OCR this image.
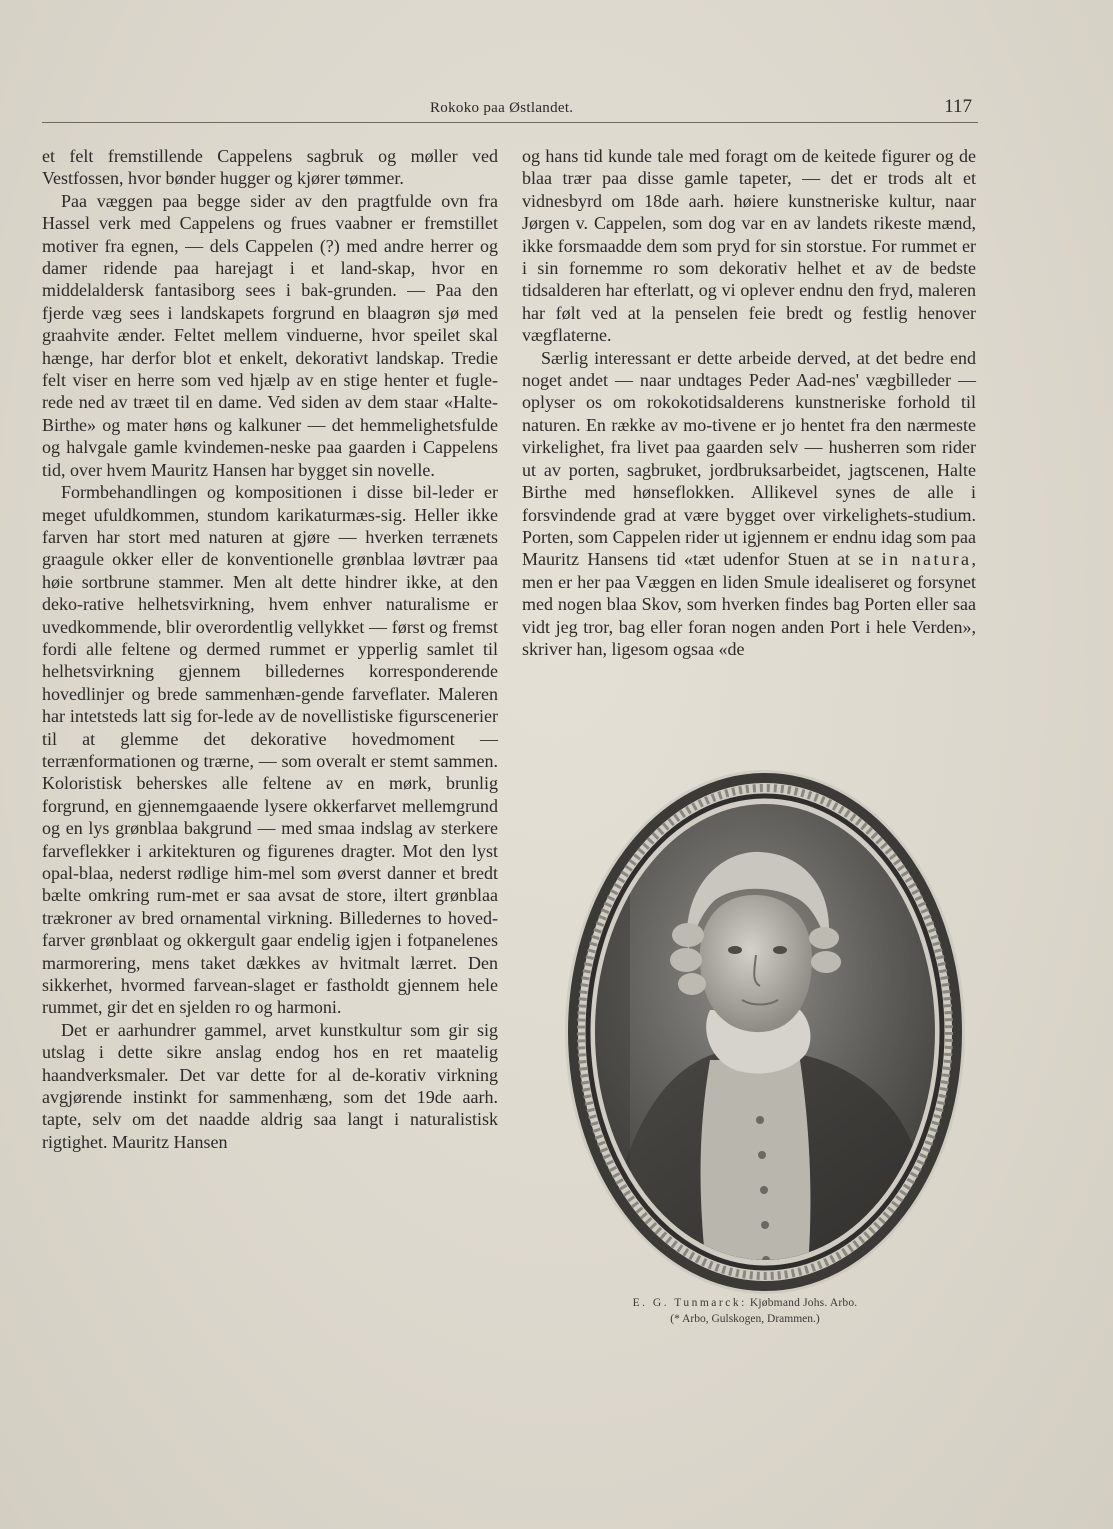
Rokoko paa Østlandet.	117

et felt fremstillende Cappelens sagbruk og møller ved Vestfossen, hvor bønder hugger og kjører tømmer.

Paa væggen paa begge sider av den pragtfulde ovn fra Hassel verk med Cappelens og frues vaabner er fremstillet motiver fra egnen, — dels Cappelen (?) med andre herrer og damer ridende paa harejagt i et land-skap, hvor en middelaldersk fantasiborg sees i bak-grunden. — Paa den fjerde væg sees i landskapets forgrund en blaagrøn sjø med graahvite ænder. Feltet mellem vinduerne, hvor speilet skal hænge, har derfor blot et enkelt, dekorativt landskap. Tredie felt viser en herre som ved hjælp av en stige henter et fugle-rede ned av træet til en dame. Ved siden av dem staar «Halte-Birthe» og mater høns og kalkuner — det hemmelighetsfulde og halvgale gamle kvindemen-neske paa gaarden i Cappelens tid, over hvem Mauritz Hansen har bygget sin novelle.

Formbehandlingen og kompositionen i disse bil-leder er meget ufuldkommen, stundom karikaturmæs-sig. Heller ikke farven har stort med naturen at gjøre — hverken terrænets graagule okker eller de konventionelle grønblaa løvtrær paa høie sortbrune stammer. Men alt dette hindrer ikke, at den deko-rative helhetsvirkning, hvem enhver naturalisme er uvedkommende, blir overordentlig vellykket — først og fremst fordi alle feltene og dermed rummet er ypperlig samlet til helhetsvirkning gjennem billedernes korresponderende hovedlinjer og brede sammenhæn-gende farveflater. Maleren har intetsteds latt sig for-lede av de novellistiske figurscenerier til at glemme det dekorative hovedmoment — terrænformationen og trærne, — som overalt er stemt sammen. Koloristisk beherskes alle feltene av en mørk, brunlig forgrund, en gjennemgaaende lysere okkerfarvet mellemgrund og en lys grønblaa bakgrund — med smaa indslag av sterkere farveflekker i arkitekturen og figurenes dragter. Mot den lyst opal-blaa, nederst rødlige him-mel som øverst danner et bredt bælte omkring rum-met er saa avsat de store, iltert grønblaa trækroner av bred ornamental virkning. Billedernes to hoved-farver grønblaat og okkergult gaar endelig igjen i fotpanelenes marmorering, mens taket dækkes av hvitmalt lærret. Den sikkerhet, hvormed farvean-slaget er fastholdt gjennem hele rummet, gir det en sjelden ro og harmoni.

Det er aarhundrer gammel, arvet kunstkultur som gir sig utslag i dette sikre anslag endog hos en ret maatelig haandverksmaler. Det var dette for al de-korativ virkning avgjørende instinkt for sammenhæng, som det 19de aarh. tapte, selv om det naadde aldrig saa langt i naturalistisk rigtighet. Mauritz Hansen

og hans tid kunde tale med foragt om de keitede figurer og de blaa trær paa disse gamle tapeter, — det er trods alt et vidnesbyrd om 18de aarh. høiere kunstneriske kultur, naar Jørgen v. Cappelen, som dog var en av landets rikeste mænd, ikke forsmaadde dem som pryd for sin storstue. For rummet er i sin fornemme ro som dekorativ helhet et av de bedste tidsalderen har efterlatt, og vi oplever endnu den fryd, maleren har følt ved at la penselen feie bredt og festlig henover vægflaterne.

Særlig interessant er dette arbeide derved, at det bedre end noget andet — naar undtages Peder Aad-nes' vægbilleder — oplyser os om rokokotidsalderens kunstneriske forhold til naturen. En række av mo-tivene er jo hentet fra den nærmeste virkelighet, fra livet paa gaarden selv — husherren som rider ut av porten, sagbruket, jordbruksarbeidet, jagtscenen, Halte Birthe med hønseflokken. Allikevel synes de alle i forsvindende grad at være bygget over virkelighets-studium. Porten, som Cappelen rider ut igjennem er endnu idag som paa Mauritz Hansens tid «tæt udenfor Stuen at se in natura, men er her paa Væggen en liden Smule idealiseret og forsynet med nogen blaa Skov, som hverken findes bag Porten eller saa vidt jeg tror, bag eller foran nogen anden Port i hele Verden», skriver han, ligesom ogsaa «de

E. G. Tunmarck: Kjøbmand Johs. Arbo.
(* Arbo, Gulskogen, Drammen.)
